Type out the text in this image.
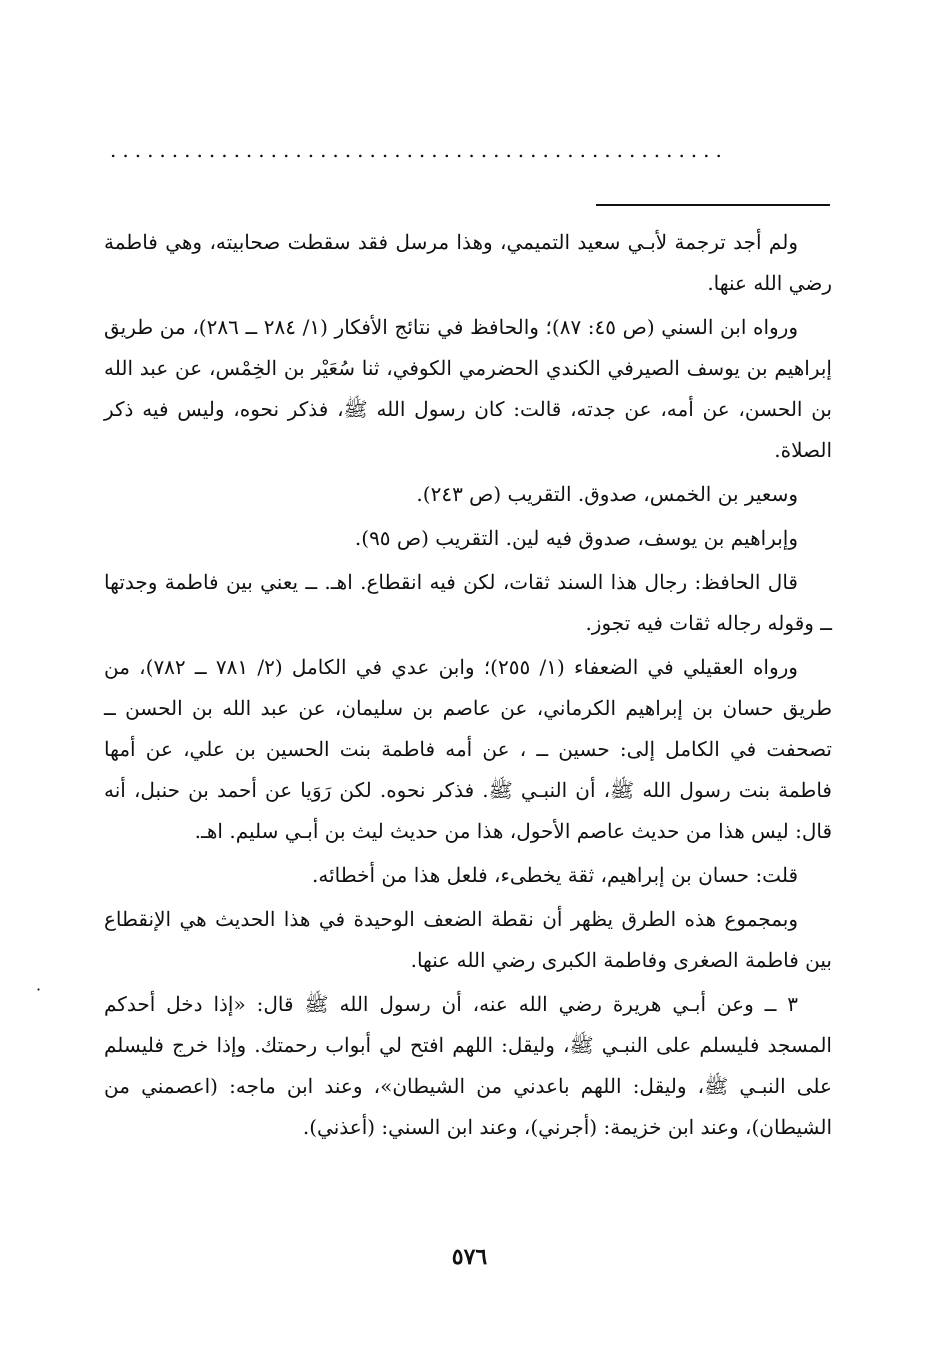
..................................................

ولم أجد ترجمة لأبـي سعيد التميمي، وهذا مرسل فقد سقطت صحابيته، وهي فاطمة رضي الله عنها.

ورواه ابن السني (ص ٤٥: ٨٧)؛ والحافظ في نتائج الأفكار (١/ ٢٨٤ ــ ٢٨٦)، من طريق إبراهيم بن يوسف الصيرفي الكندي الحضرمي الكوفي، ثنا سُعَيْر بن الخِمْس، عن عبد الله بن الحسن، عن أمه، عن جدته، قالت: كان رسول الله ﷺ، فذكر نحوه، وليس فيه ذكر الصلاة.

وسعير بن الخمس، صدوق. التقريب (ص ٢٤٣).

وإبراهيم بن يوسف، صدوق فيه لين. التقريب (ص ٩٥).

قال الحافظ: رجال هذا السند ثقات، لكن فيه انقطاع. اهـ. ــ يعني بين فاطمة وجدتها ــ وقوله رجاله ثقات فيه تجوز.

ورواه العقيلي في الضعفاء (١/ ٢٥٥)؛ وابن عدي في الكامل (٢/ ٧٨١ ــ ٧٨٢)، من طريق حسان بن إبراهيم الكرماني، عن عاصم بن سليمان، عن عبد الله بن الحسن ــ تصحفت في الكامل إلى: حسين ــ ، عن أمه فاطمة بنت الحسين بن علي، عن أمها فاطمة بنت رسول الله ﷺ، أن النبـي ﷺ. فذكر نحوه. لكن رَوَيا عن أحمد بن حنبل، أنه قال: ليس هذا من حديث عاصم الأحول، هذا من حديث ليث بن أبـي سليم. اهـ.

قلت: حسان بن إبراهيم، ثقة يخطىء، فلعل هذا من أخطائه.

وبمجموع هذه الطرق يظهر أن نقطة الضعف الوحيدة في هذا الحديث هي الإنقطاع بين فاطمة الصغرى وفاطمة الكبرى رضي الله عنها.

٣ ــ وعن أبـي هريرة رضي الله عنه، أن رسول الله ﷺ قال: «إذا دخل أحدكم المسجد فليسلم على النبـي ﷺ، وليقل: اللهم افتح لي أبواب رحمتك. وإذا خرج فليسلم على النبـي ﷺ، وليقل: اللهم باعدني من الشيطان»، وعند ابن ماجه: (اعصمني من الشيطان)، وعند ابن خزيمة: (أجرني)، وعند ابن السني: (أعذني).

·
٥٧٦
